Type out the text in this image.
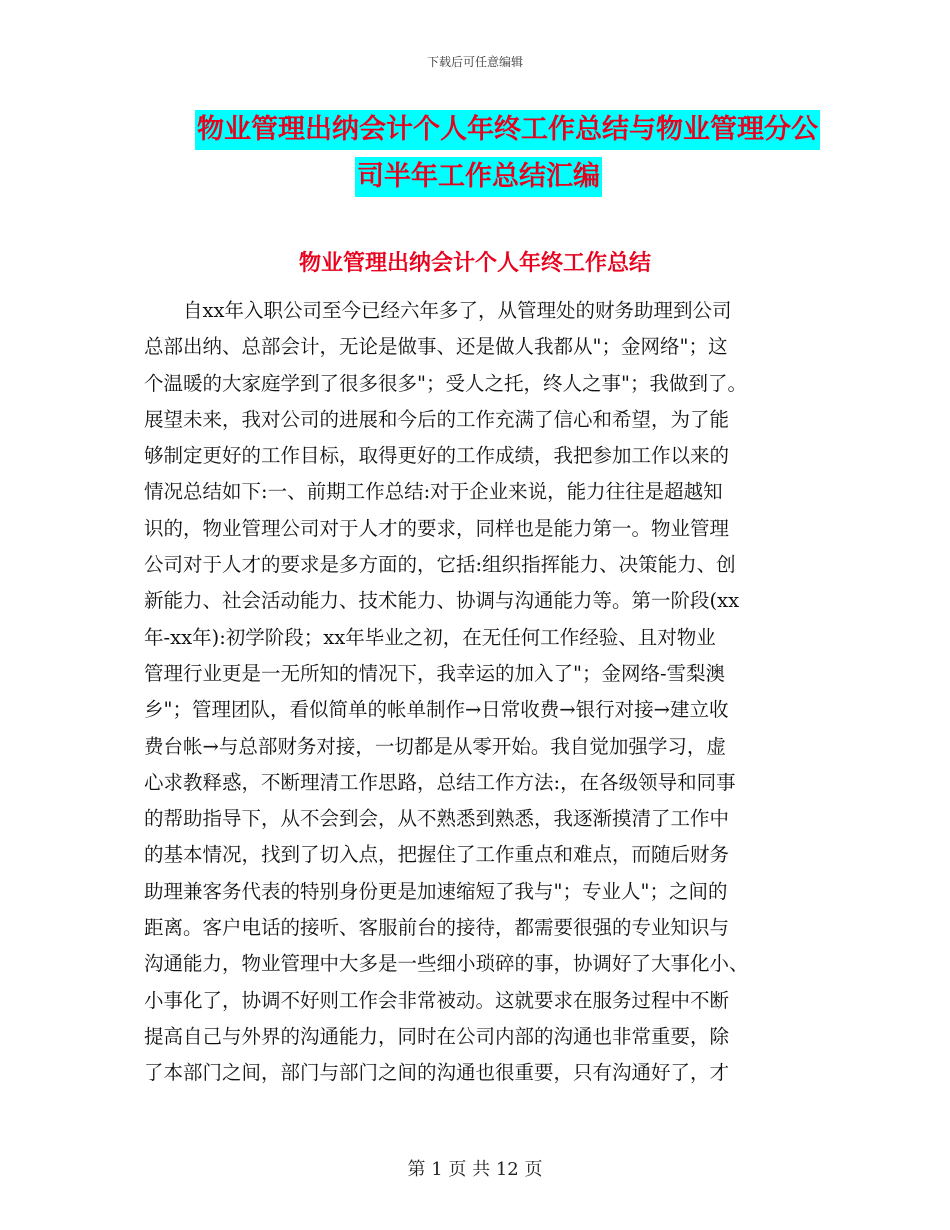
下载后可任意编辑
物业管理出纳会计个人年终工作总结与物业管理分公
司半年工作总结汇编
物业管理出纳会计个人年终工作总结
　　自xx年入职公司至今已经六年多了，从管理处的财务助理到公司
总部出纳、总部会计，无论是做事、还是做人我都从"；金网络"；这
个温暖的大家庭学到了很多很多"；受人之托，终人之事"；我做到了。
展望未来，我对公司的进展和今后的工作充满了信心和希望，为了能
够制定更好的工作目标，取得更好的工作成绩，我把参加工作以来的
情况总结如下:一、前期工作总结:对于企业来说，能力往往是超越知
识的，物业管理公司对于人才的要求，同样也是能力第一。物业管理
公司对于人才的要求是多方面的，它括:组织指挥能力、决策能力、创
新能力、社会活动能力、技术能力、协调与沟通能力等。第一阶段(xx
年-xx年):初学阶段；xx年毕业之初，在无任何工作经验、且对物业
管理行业更是一无所知的情况下，我幸运的加入了"；金网络-雪梨澳
乡"；管理团队，看似简单的帐单制作→日常收费→银行对接→建立收
费台帐→与总部财务对接，一切都是从零开始。我自觉加强学习，虚
心求教释惑，不断理清工作思路，总结工作方法:，在各级领导和同事
的帮助指导下，从不会到会，从不熟悉到熟悉，我逐渐摸清了工作中
的基本情况，找到了切入点，把握住了工作重点和难点，而随后财务
助理兼客务代表的特别身份更是加速缩短了我与"；专业人"；之间的
距离。客户电话的接听、客服前台的接待，都需要很强的专业知识与
沟通能力，物业管理中大多是一些细小琐碎的事，协调好了大事化小、
小事化了，协调不好则工作会非常被动。这就要求在服务过程中不断
提高自己与外界的沟通能力，同时在公司内部的沟通也非常重要，除
了本部门之间，部门与部门之间的沟通也很重要，只有沟通好了，才
第 1 页 共 12 页
